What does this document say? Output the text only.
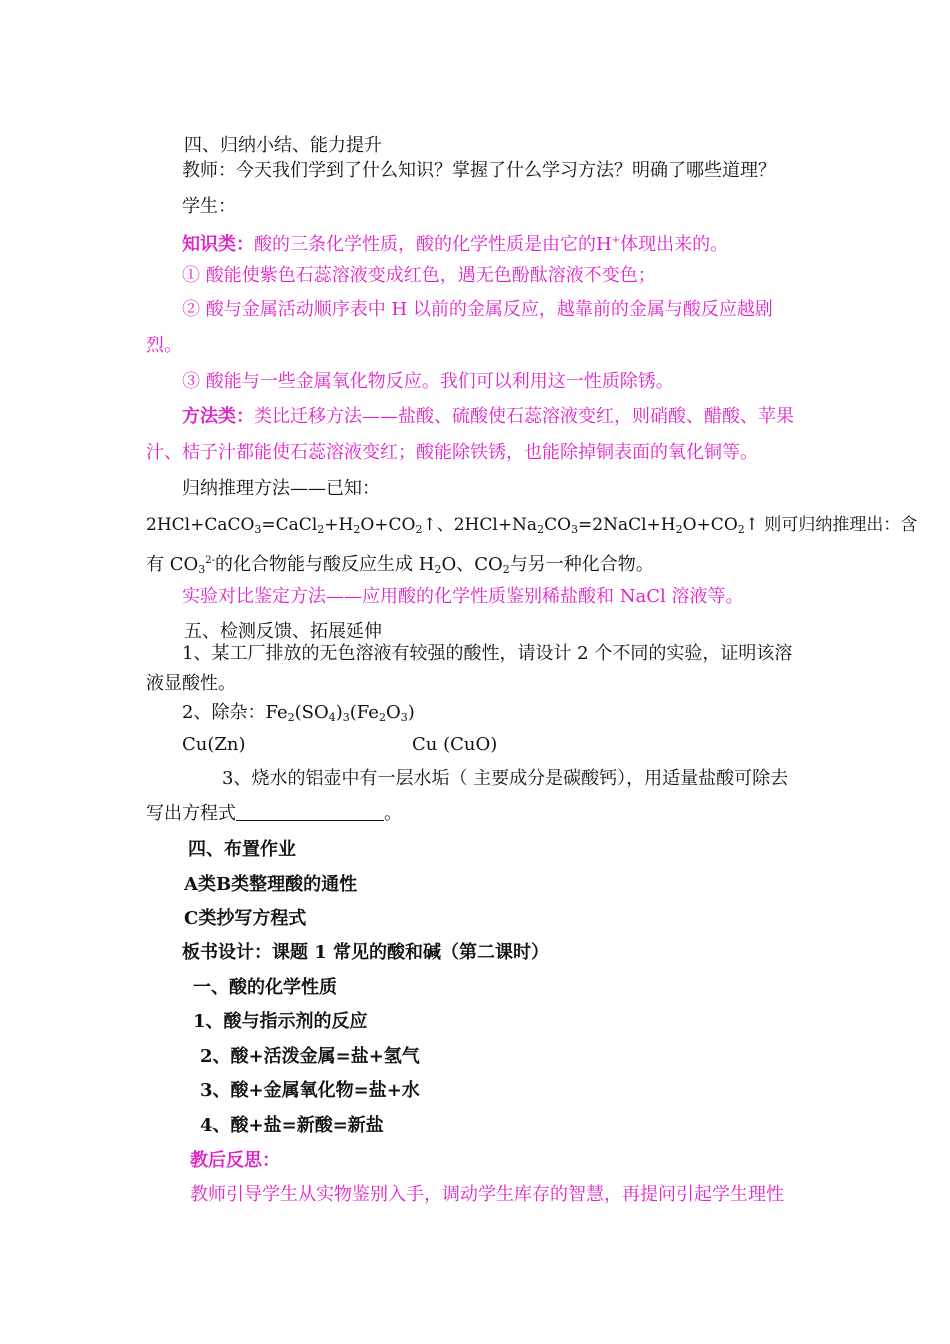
四、归纳小结、能力提升
教师：今天我们学到了什么知识？掌握了什么学习方法？明确了哪些道理？
学生：
知识类：酸的三条化学性质，酸的化学性质是由它的H+体现出来的。
① 酸能使紫色石蕊溶液变成红色，遇无色酚酞溶液不变色；
② 酸与金属活动顺序表中 H 以前的金属反应，越靠前的金属与酸反应越剧
烈。
③ 酸能与一些金属氧化物反应。我们可以利用这一性质除锈。
方法类：类比迁移方法——盐酸、硫酸使石蕊溶液变红，则硝酸、醋酸、苹果
汁、桔子汁都能使石蕊溶液变红；酸能除铁锈，也能除掉铜表面的氧化铜等。
归纳推理方法——已知：
$2HCl+CaCO_3=CaCl_2+H_2O+CO_2↑$、$2HCl+Na_2CO_3=2NaCl+H_2O+CO_2↑$ 则可归纳推理出：含
有 $CO_3^{2-}$的化合物能与酸反应生成 $H_2O$、$CO_2$与另一种化合物。
实验对比鉴定方法——应用酸的化学性质鉴别稀盐酸和 NaCl 溶液等。
五、检测反馈、拓展延伸
1、某工厂排放的无色溶液有较强的酸性，请设计 2 个不同的实验，证明该溶
液显酸性。
2、除杂：$Fe_2(SO_4)_3(Fe_2O_3)$
Cu(Zn)	Cu (CuO)
3、烧水的铝壶中有一层水垢（ 主要成分是碳酸钙），用适量盐酸可除去
写出方程式	。
四、布置作业
A类B类整理酸的通性
C类抄写方程式
板书设计：课题 1 常见的酸和碱（第二课时）
一、酸的化学性质
1、酸与指示剂的反应
2、酸+活泼金属=盐+氢气
3、酸+金属氧化物=盐+水
4、酸+盐=新酸=新盐
教后反思：
教师引导学生从实物鉴别入手，调动学生库存的智慧，再提问引起学生理性
